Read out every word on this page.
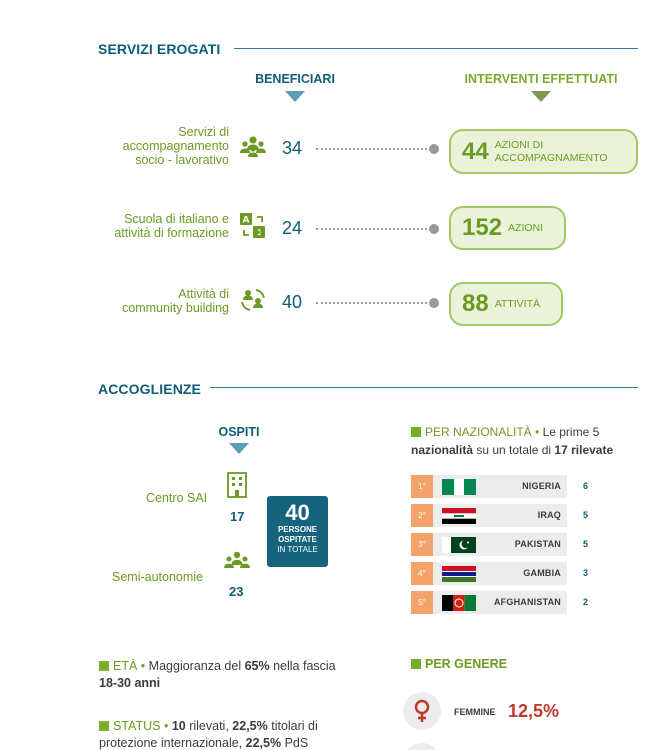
SERVIZI EROGATI
BENEFICIARI	INTERVENTI EFFETTUATI
Servizi di
accompagnamento
socio - lavorativo
34	44 AZIONI DI
ACCOMPAGNAMENTO
Scuola di italiano e
attività di formazione
A
ℷ 24	152 AZIONI
Attività di
community building	40	88 ATTIVITÀ
ACCOGLIENZE
OSPITI
Centro SAI
17
Semi-autonomie
23
40
PERSONE
OSPITATE
IN TOTALE
PER NAZIONALITÀ • Le prime 5
nazionalità su un totale di 17 rilevate
1°	NIGERIA 6
2°	IRAQ 5
3°	PAKISTAN 5
4°	GAMBIA 3
5°	AFGHANISTAN 2
ETÀ • Maggioranza del 65% nella fascia
18-30 anni
STATUS • 10 rilevati, 22,5% titolari di
protezione internazionale, 22,5% PdS
PER GENERE
FEMMINE 12,5%
